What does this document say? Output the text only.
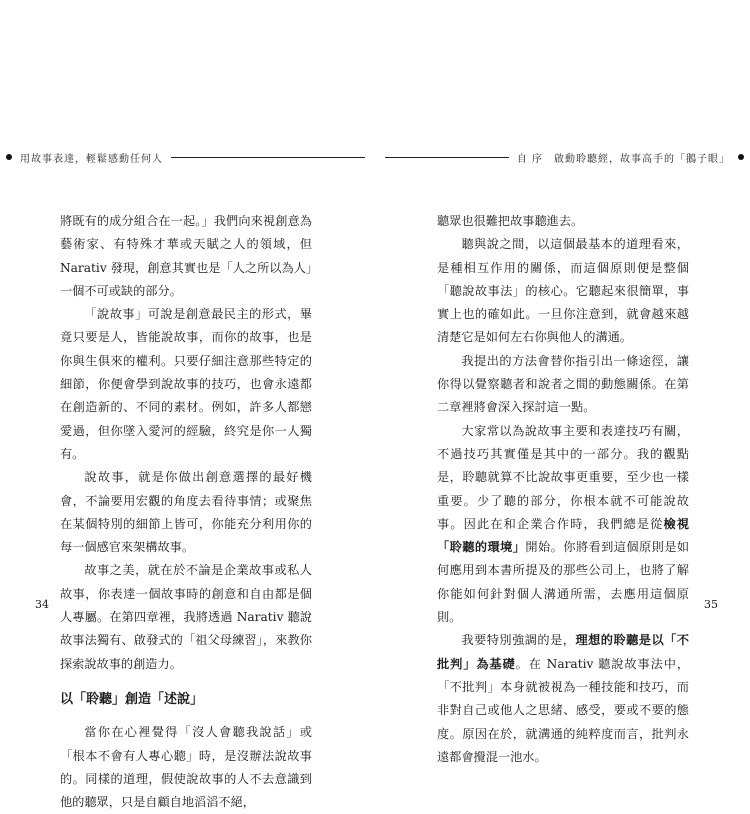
用故事表達，輕鬆感動任何人	自 序　啟動聆聽經，故事高手的「鵝子眼」

將既有的成分組合在一起。」我們向來視創意為藝術家、有特殊才華或天賦之人的領域，但 Narativ 發現，創意其實也是「人之所以為人」一個不可或缺的部分。

「說故事」可說是創意最民主的形式，畢竟只要是人，皆能說故事，而你的故事，也是你與生俱來的權利。只要仔細注意那些特定的細節，你便會學到說故事的技巧，也會永遠都在創造新的、不同的素材。例如，許多人都戀愛過，但你墜入愛河的經驗，終究是你一人獨有。

說故事，就是你做出創意選擇的最好機會，不論要用宏觀的角度去看待事情；或聚焦在某個特別的細節上皆可，你能充分利用你的每一個感官來架構故事。

故事之美，就在於不論是企業故事或私人故事，你表達一個故事時的創意和自由都是個人專屬。在第四章裡，我將透過 Narativ 聽說故事法獨有、啟發式的「祖父母練習」，來教你探索說故事的創造力。

以「聆聽」創造「述說」

當你在心裡覺得「沒人會聽我說話」或「根本不會有人專心聽」時，是沒辦法說故事的。同樣的道理，假使說故事的人不去意識到他的聽眾，只是自顧自地滔滔不絕，

34

聽眾也很難把故事聽進去。

聽與說之間，以這個最基本的道理看來，是種相互作用的關係，而這個原則便是整個「聽說故事法」的核心。它聽起來很簡單，事實上也的確如此。一旦你注意到，就會越來越清楚它是如何左右你與他人的溝通。

我提出的方法會替你指引出一條途徑，讓你得以覺察聽者和說者之間的動態關係。在第二章裡將會深入探討這一點。

大家常以為說故事主要和表達技巧有關，不過技巧其實僅是其中的一部分。我的觀點是，聆聽就算不比說故事更重要，至少也一樣重要。少了聽的部分，你根本就不可能說故事。因此在和企業合作時，我們總是從檢視「聆聽的環境」開始。你將看到這個原則是如何應用到本書所提及的那些公司上，也將了解你能如何針對個人溝通所需，去應用這個原則。

我要特別強調的是，理想的聆聽是以「不批判」為基礎。在 Narativ 聽說故事法中，「不批判」本身就被視為一種技能和技巧，而非對自己或他人之思緒、感受，要或不要的態度。原因在於，就溝通的純粹度而言，批判永遠都會攪混一池水。

35
